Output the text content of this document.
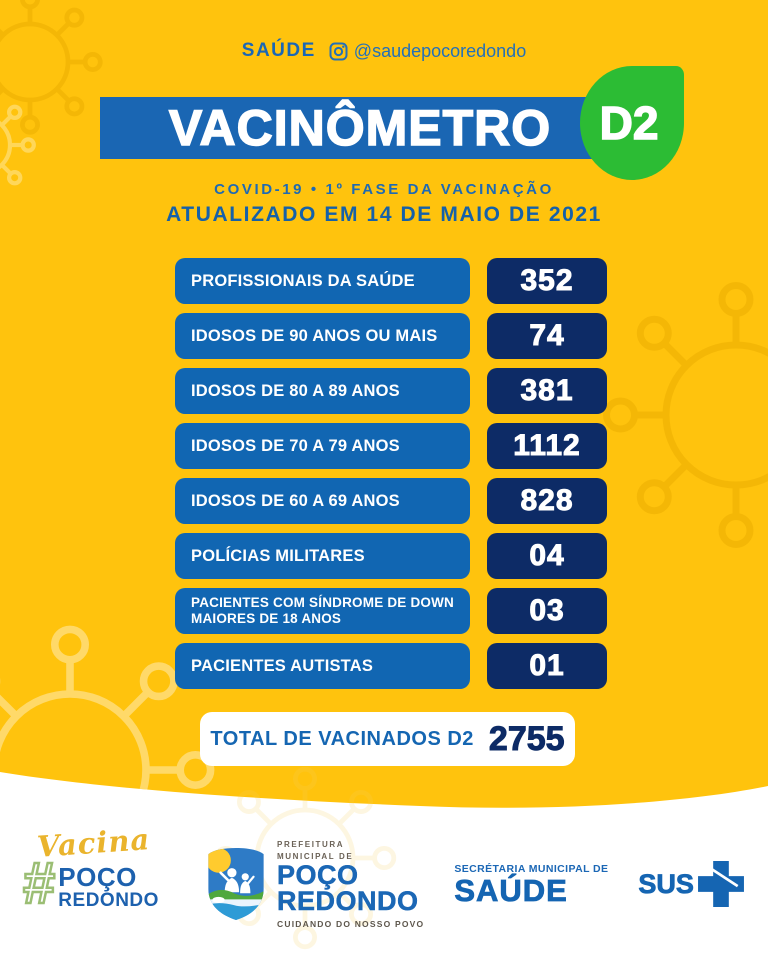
SAÚDE @saudepocoredondo
VACINÔMETRO D2
COVID-19 • 1º FASE DA VACINAÇÃO
ATUALIZADO EM 14 DE MAIO DE 2021
PROFISSIONAIS DA SAÚDE	352
IDOSOS DE 90 ANOS OU MAIS	74
IDOSOS DE 80 A 89 ANOS	381
IDOSOS DE 70 A 79 ANOS	1112
IDOSOS DE 60 A 69 ANOS	828
POLÍCIAS MILITARES	04
PACIENTES COM SÍNDROME DE DOWN MAIORES DE 18 ANOS	03
PACIENTES AUTISTAS	01
TOTAL DE VACINADOS D2 2755
Vacina
# POÇO
REDONDO
PREFEITURA
MUNICIPAL DE
POÇO
REDONDO
CUIDANDO DO NOSSO POVO
SECRÉTARIA MUNICIPAL DE
SAÚDE	SUS
